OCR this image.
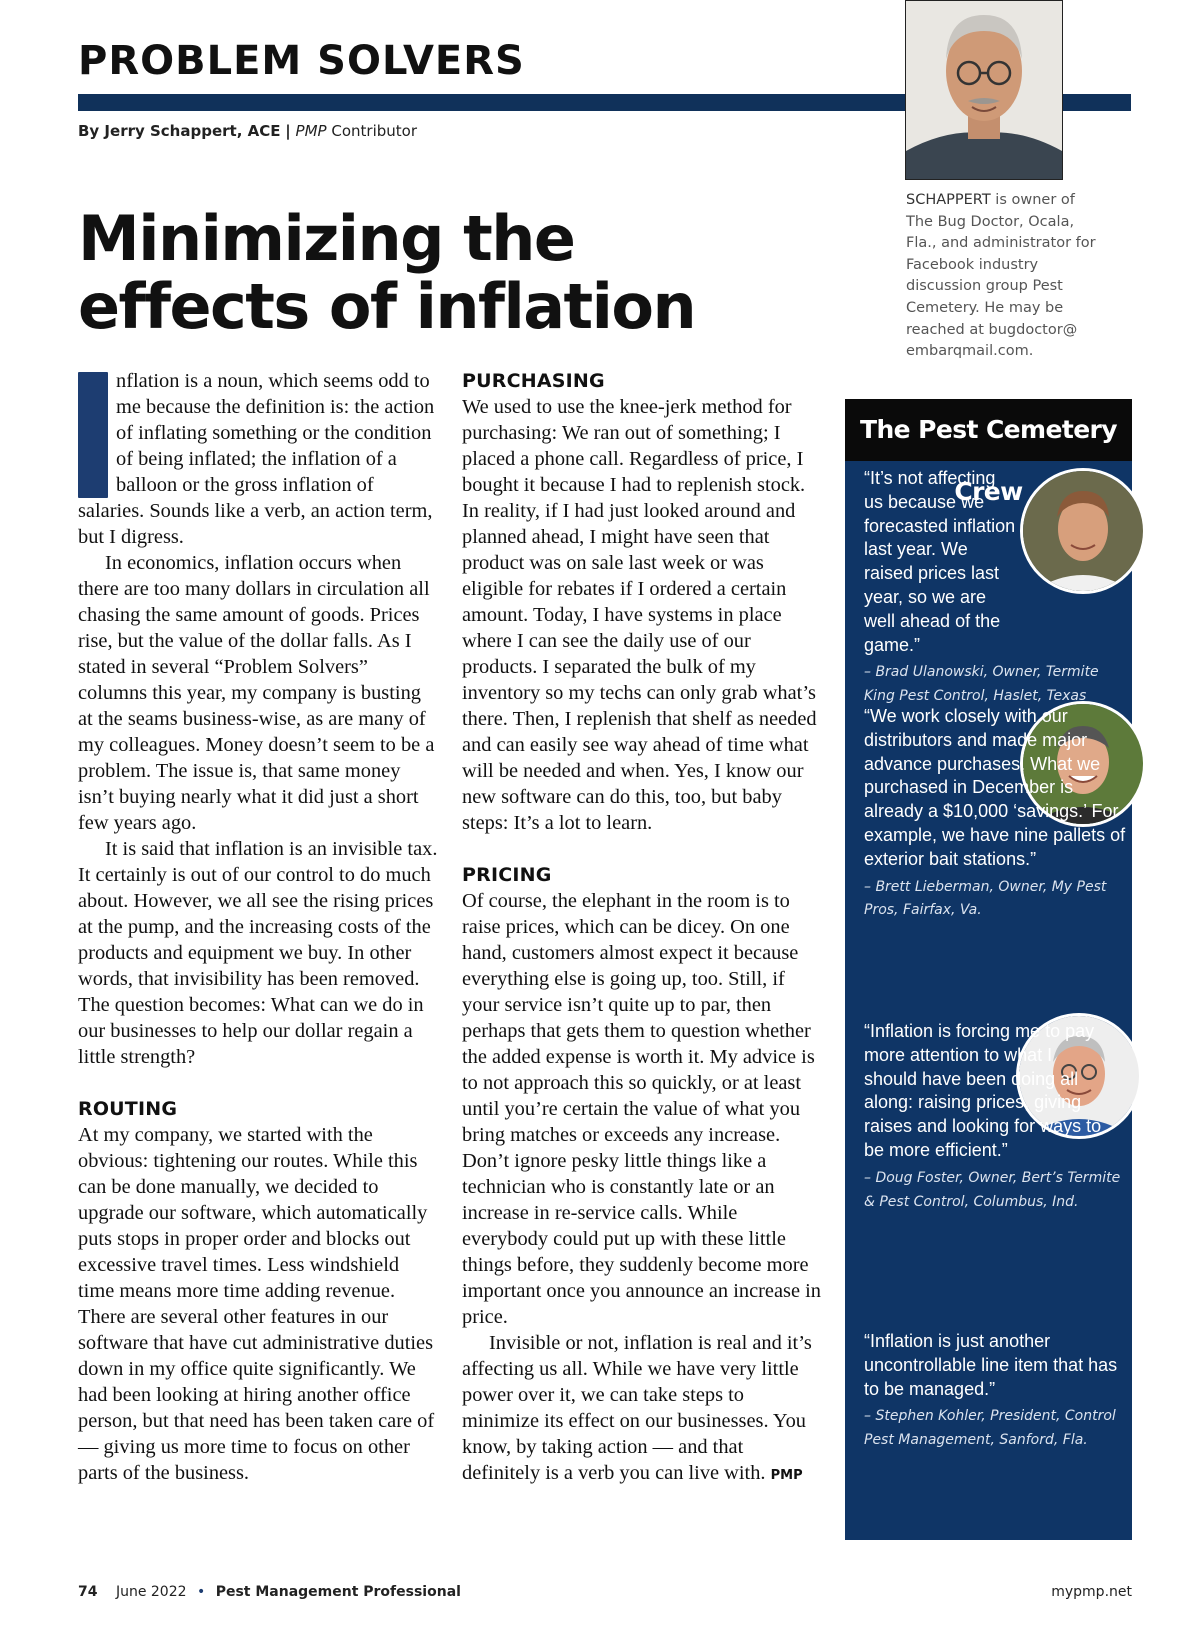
PROBLEM SOLVERS
By Jerry Schappert, ACE | PMP Contributor
SCHAPPERT is owner of The Bug Doctor, Ocala, Fla., and administrator for Facebook industry discussion group Pest Cemetery. He may be reached at bugdoctor@ embarqmail.com.
Minimizing the
effects of inflation

nflation is a noun, which seems odd to me because the definition is: the action of inflating something or the condition of being inflated; the inflation of a balloon or the gross inflation of salaries. Sounds like a verb, an action term, but I digress.

In economics, inflation occurs when there are too many dollars in circulation all chasing the same amount of goods. Prices rise, but the value of the dollar falls. As I stated in several “Problem Solvers” columns this year, my company is busting at the seams business-wise, as are many of my colleagues. Money doesn’t seem to be a problem. The issue is, that same money isn’t buying nearly what it did just a short few years ago.

It is said that inflation is an invisible tax. It certainly is out of our control to do much about. However, we all see the rising prices at the pump, and the increasing costs of the products and equipment we buy. In other words, that invisibility has been removed. The question becomes: What can we do in our businesses to help our dollar regain a little strength?

ROUTING

At my company, we started with the obvious: tightening our routes. While this can be done manually, we decided to upgrade our software, which automatically puts stops in proper order and blocks out excessive travel times. Less windshield time means more time adding revenue. There are several other features in our software that have cut administrative duties down in my office quite significantly. We had been looking at hiring another office person, but that need has been taken care of — giving us more time to focus on other parts of the business.

PURCHASING

We used to use the knee-jerk method for purchasing: We ran out of something; I placed a phone call. Regardless of price, I bought it because I had to replenish stock. In reality, if I had just looked around and planned ahead, I might have seen that product was on sale last week or was eligible for rebates if I ordered a certain amount. Today, I have systems in place where I can see the daily use of our products. I separated the bulk of my inventory so my techs can only grab what’s there. Then, I replenish that shelf as needed and can easily see way ahead of time what will be needed and when. Yes, I know our new software can do this, too, but baby steps: It’s a lot to learn.

PRICING

Of course, the elephant in the room is to raise prices, which can be dicey. On one hand, customers almost expect it because everything else is going up, too. Still, if your service isn’t quite up to par, then perhaps that gets them to question whether the added expense is worth it. My advice is to not approach this so quickly, or at least until you’re certain the value of what you bring matches or exceeds any increase. Don’t ignore pesky little things like a technician who is constantly late or an increase in re-service calls. While everybody could put up with these little things before, they suddenly become more important once you announce an increase in price.

Invisible or not, inflation is real and it’s affecting us all. While we have very little power over it, we can take steps to minimize its effect on our businesses. You know, by taking action — and that definitely is a verb you can live with. PMP

The Pest Cemetery Crew

“It’s not affecting us because we forecasted inflation last year. We raised prices last year, so we are well ahead of the game.”

– Brad Ulanowski, Owner, Termite King Pest Control, Haslet, Texas

“We work closely with our distributors and made major advance purchases. What we purchased in December is already a $10,000 ‘savings.’ For example, we have nine pallets of exterior bait stations.”

– Brett Lieberman, Owner, My Pest Pros, Fairfax, Va.

“Inflation is forcing me to pay more attention to what I should have been doing all along: raising prices, giving raises and looking for ways to be more efficient.”

– Doug Foster, Owner, Bert’s Termite & Pest Control, Columbus, Ind.

“Inflation is just another uncontrollable line item that has to be managed.”

– Stephen Kohler, President, Control Pest Management, Sanford, Fla.

74 June 2022 • Pest Management Professional	mypmp.net
